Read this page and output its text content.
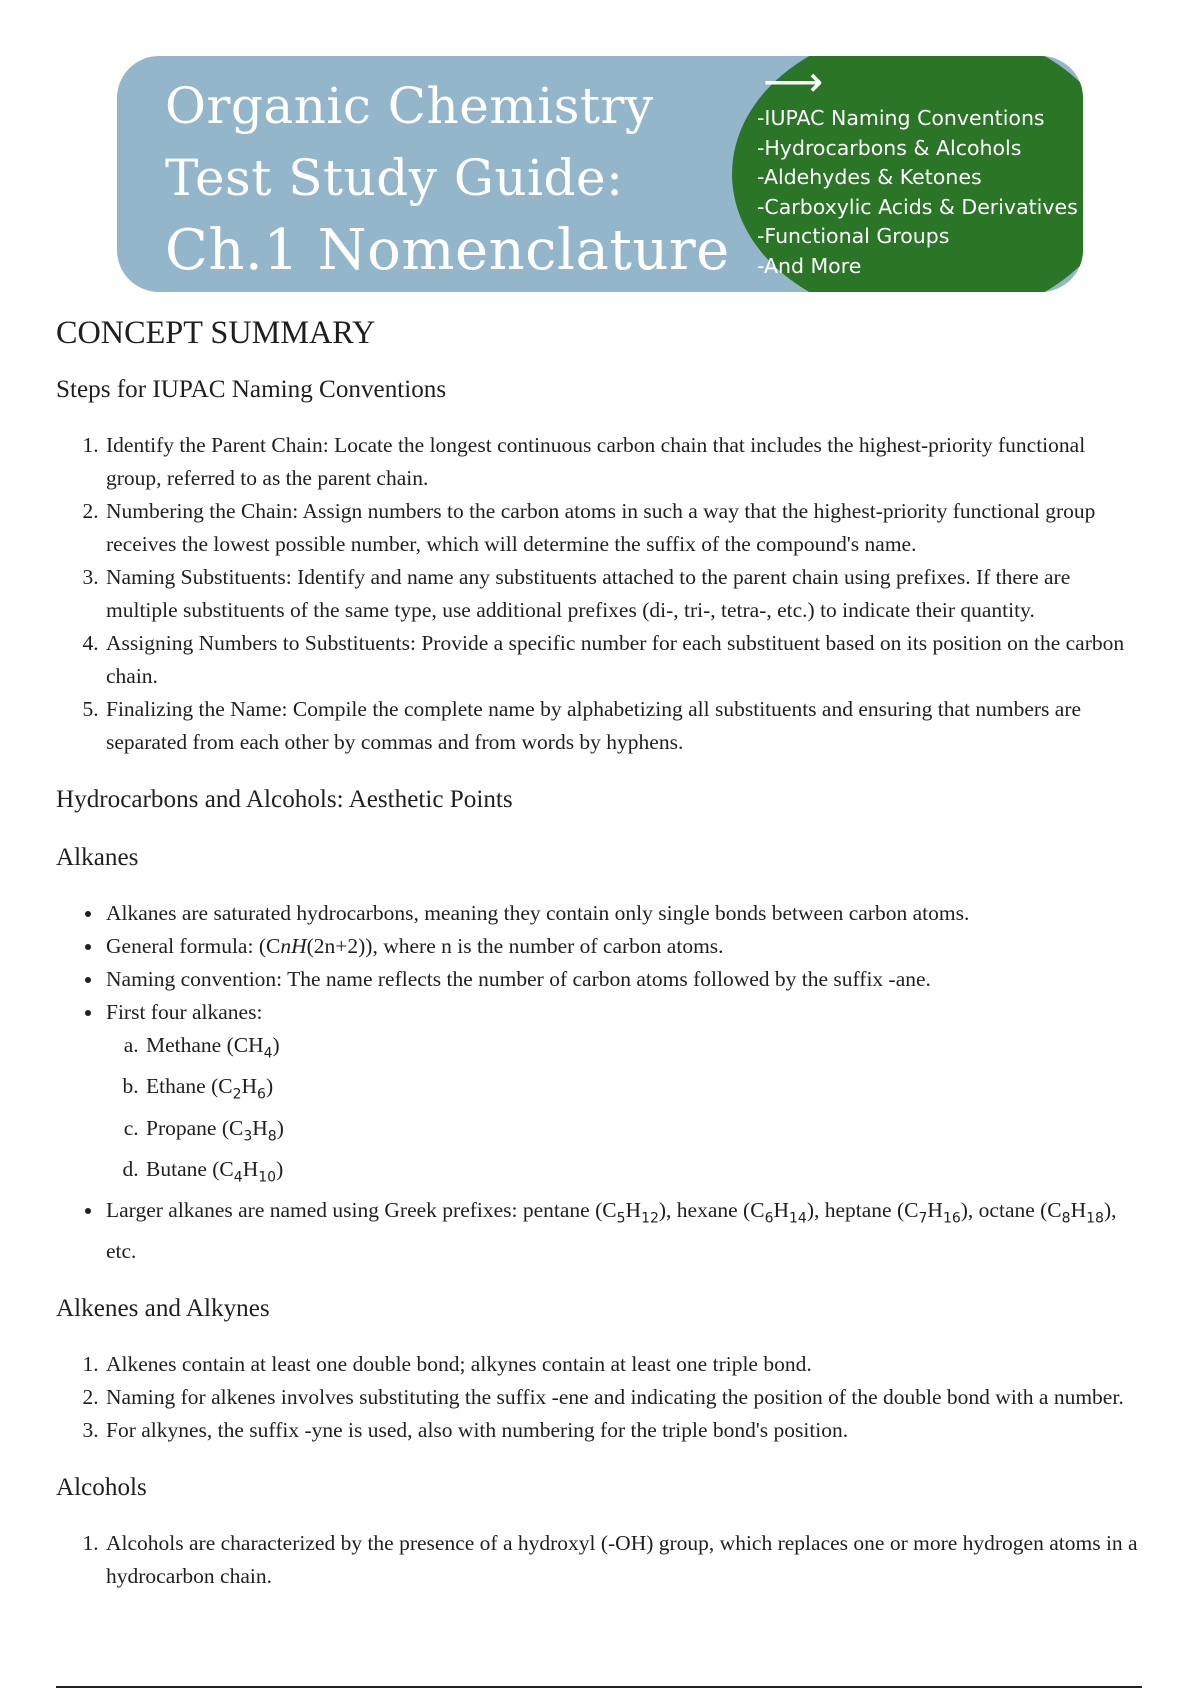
Organic Chemistry
Test Study Guide:
Ch.1 Nomenclature
⟶
-IUPAC Naming Conventions
-Hydrocarbons & Alcohols
-Aldehydes & Ketones
-Carboxylic Acids & Derivatives
-Functional Groups
-And More
CONCEPT SUMMARY
Steps for IUPAC Naming Conventions
1. Identify the Parent Chain: Locate the longest continuous carbon chain that includes the highest-priority functional group, referred to as the parent chain.
2. Numbering the Chain: Assign numbers to the carbon atoms in such a way that the highest-priority functional group receives the lowest possible number, which will determine the suffix of the compound's name.
3. Naming Substituents: Identify and name any substituents attached to the parent chain using prefixes. If there are multiple substituents of the same type, use additional prefixes (di-, tri-, tetra-, etc.) to indicate their quantity.
4. Assigning Numbers to Substituents: Provide a specific number for each substituent based on its position on the carbon chain.
5. Finalizing the Name: Compile the complete name by alphabetizing all substituents and ensuring that numbers are separated from each other by commas and from words by hyphens.
Hydrocarbons and Alcohols: Aesthetic Points
Alkanes
• Alkanes are saturated hydrocarbons, meaning they contain only single bonds between carbon atoms.
• General formula: (CnH(2n+2)), where n is the number of carbon atoms.
• Naming convention: The name reflects the number of carbon atoms followed by the suffix -ane.
• First four alkanes:
a. Methane $(CH_4)$
b. Ethane $(C_2H_6)$
c. Propane $(C_3H_8)$
d. Butane $(C_4H_{10})$
• Larger alkanes are named using Greek prefixes: pentane $(C_5H_{12})$, hexane $(C_6H_{14})$, heptane $(C_7H_{16})$, octane $(C_8H_{18})$, etc.
Alkenes and Alkynes
1. Alkenes contain at least one double bond; alkynes contain at least one triple bond.
2. Naming for alkenes involves substituting the suffix -ene and indicating the position of the double bond with a number.
3. For alkynes, the suffix -yne is used, also with numbering for the triple bond's position.
Alcohols
1. Alcohols are characterized by the presence of a hydroxyl (-OH) group, which replaces one or more hydrogen atoms in a hydrocarbon chain.
